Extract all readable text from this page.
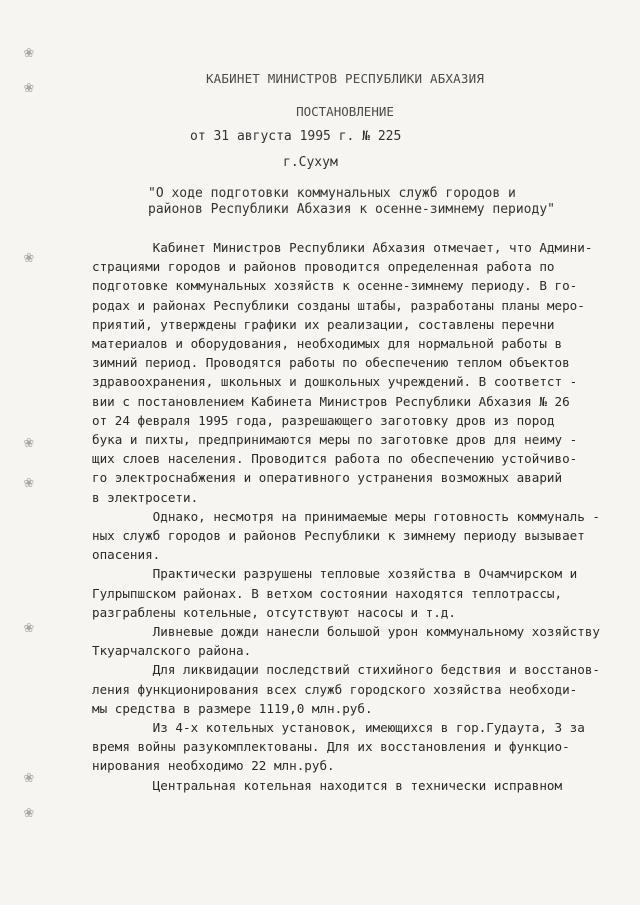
❀
❀
❀
❀
❀
❀
❀
❀
КАБИНЕТ МИНИСТРОВ РЕСПУБЛИКИ АБХАЗИЯ
ПОСТАНОВЛЕНИЕ
от 31 августа 1995 г. № 225
г.Сухум
"О ходе подготовки коммунальных служб городов и
районов Республики Абхазия к осенне-зимнему периоду"
Кабинет Министров Республики Абхазия отмечает, что Админи-
страциями городов и районов проводится определенная работа по
подготовке коммунальных хозяйств к осенне-зимнему периоду. В го-
родах и районах Республики созданы штабы, разработаны планы меро-
приятий, утверждены графики их реализации, составлены перечни
материалов и оборудования, необходимых для нормальной работы в
зимний период. Проводятся работы по обеспечению теплом объектов
здравоохранения, школьных и дошкольных учреждений. В соответст -
вии с постановлением Кабинета Министров Республики Абхазия № 26
от 24 февраля 1995 года, разрешающего заготовку дров из пород
бука и пихты, предпринимаются меры по заготовке дров для неиму -
щих слоев населения. Проводится работа по обеспечению устойчиво-
го электроснабжения и оперативного устранения возможных аварий
в электросети.
Однако, несмотря на принимаемые меры готовность коммуналь -
ных служб городов и районов Республики к зимнему периоду вызывает
опасения.
Практически разрушены тепловые хозяйства в Очамчирском и
Гулрыпшском районах. В ветхом состоянии находятся теплотрассы,
разграблены котельные, отсутствуют насосы и т.д.
Ливневые дожди нанесли большой урон коммунальному хозяйству
Ткуарчалского района.
Для ликвидации последствий стихийного бедствия и восстанов-
ления функционирования всех служб городского хозяйства необходи-
мы средства в размере 1119,0 млн.руб.
Из 4-х котельных установок, имеющихся в гор.Гудаута, 3 за
время войны разукомплектованы. Для их восстановления и функцио-
нирования необходимо 22 млн.руб.
Центральная котельная находится в технически исправном
